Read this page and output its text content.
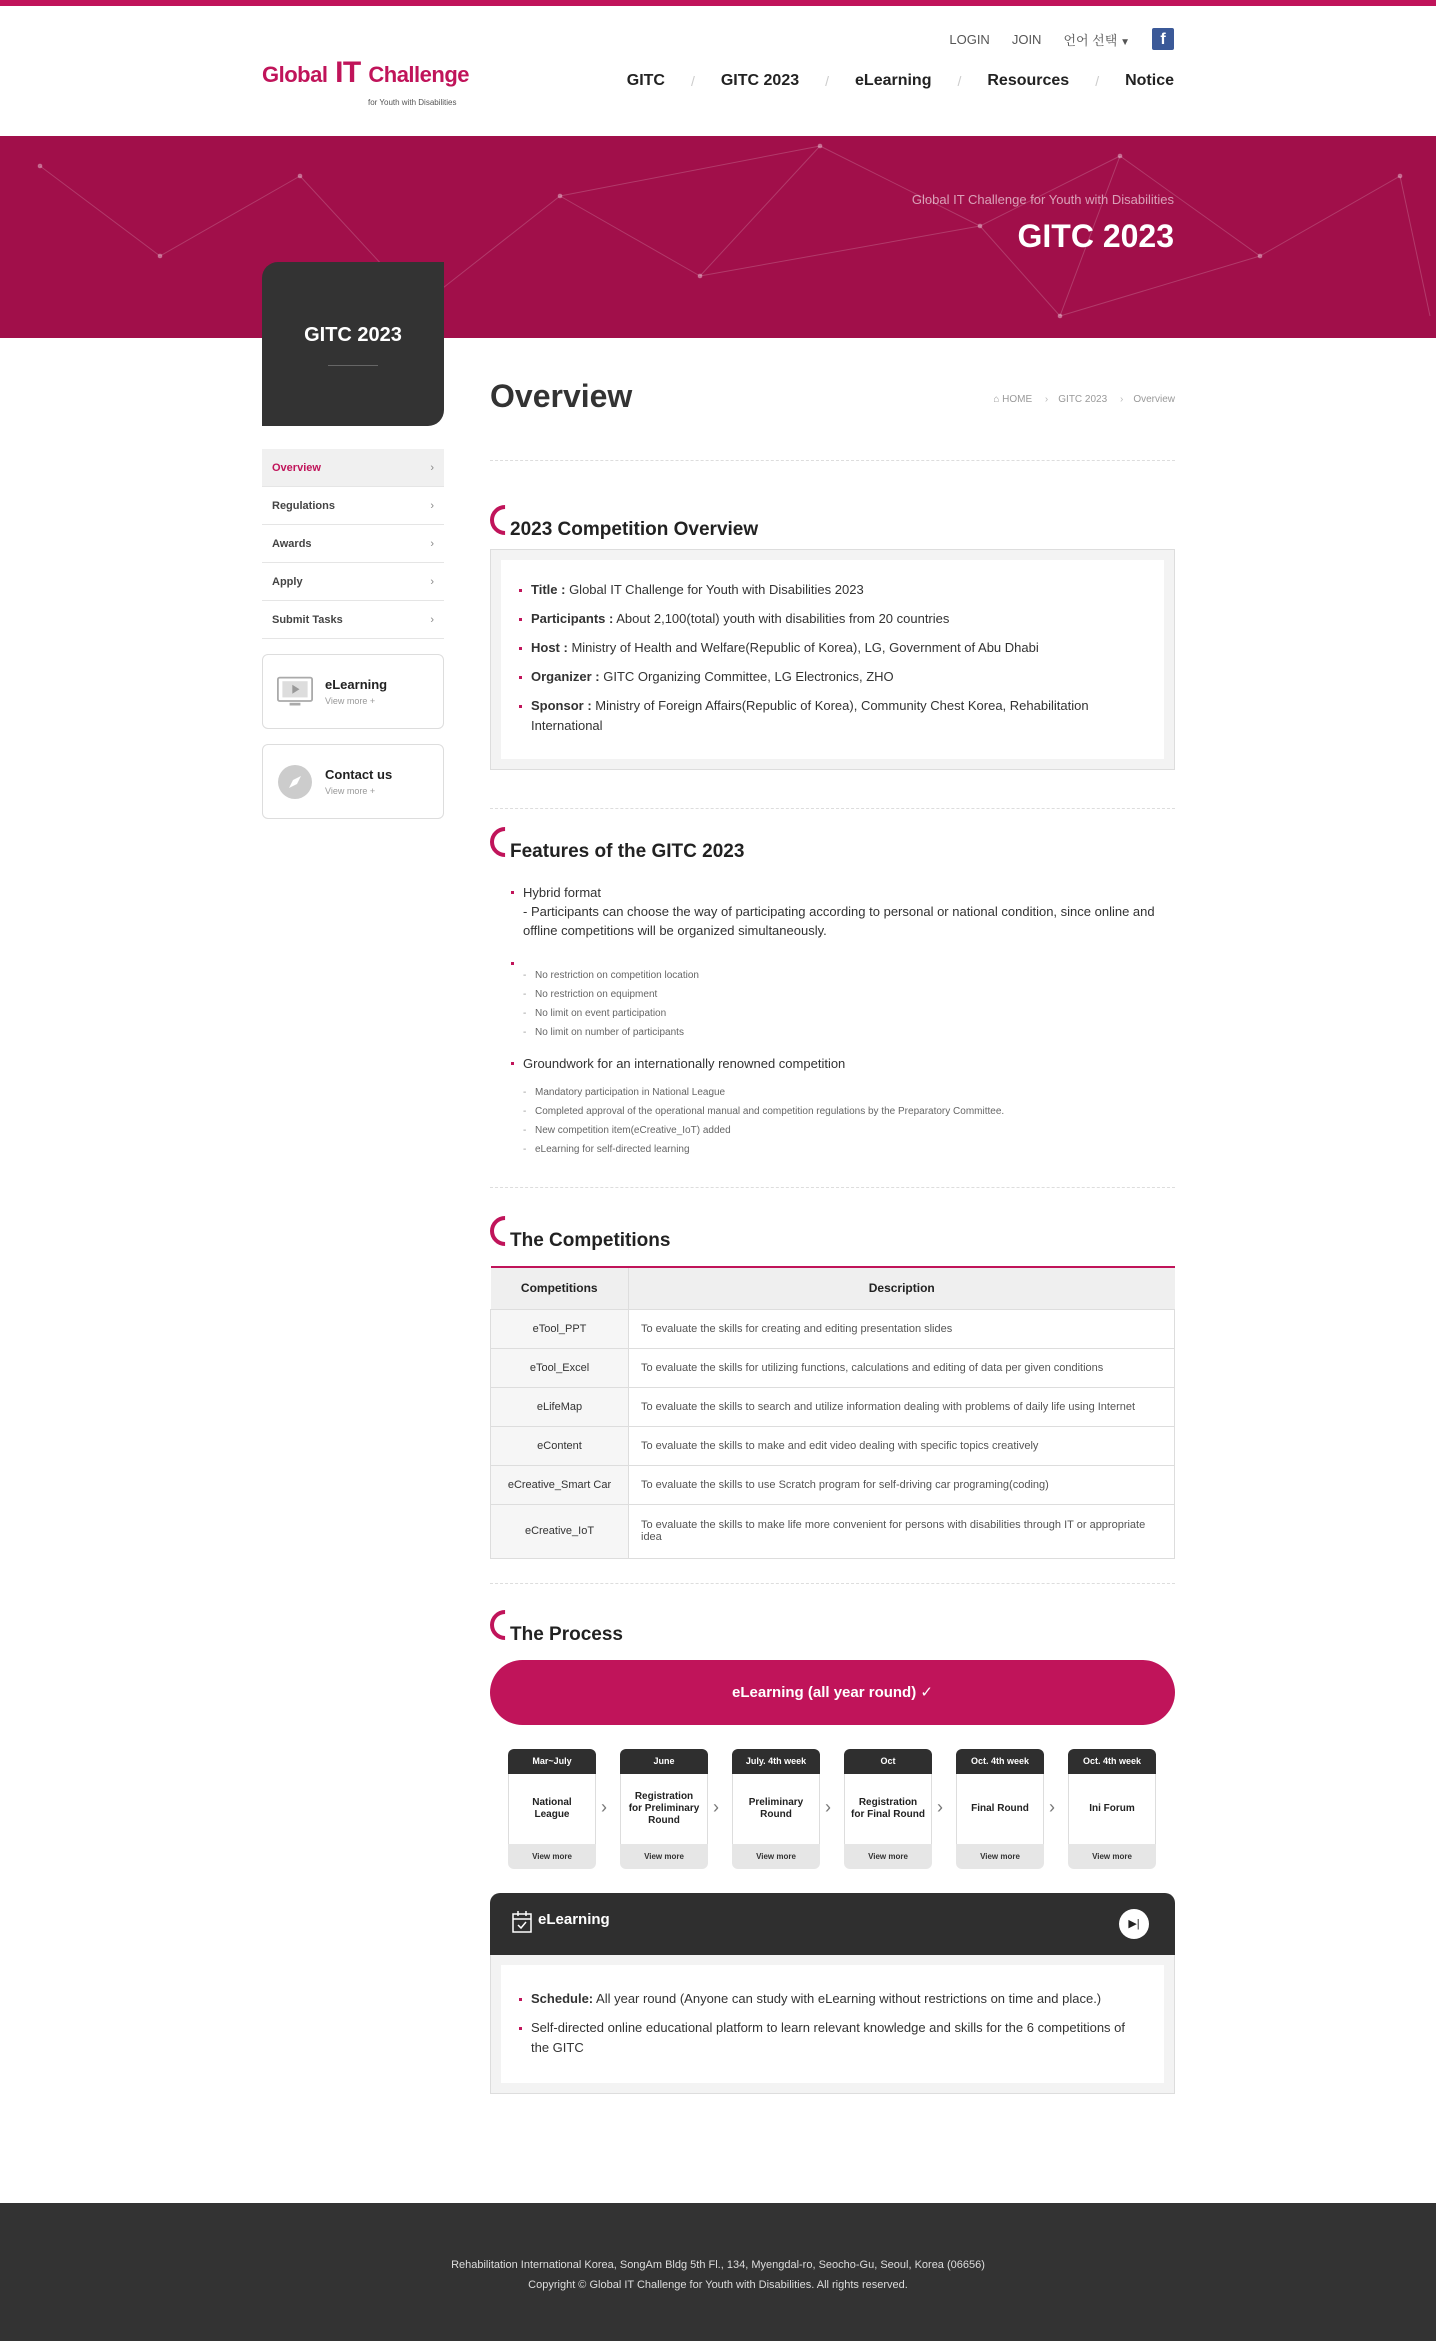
Global IT Challenge
for Youth with Disabilities
LOGIN JOIN 언어 선택 ▼	f
GITC	/	GITC 2023	/	eLearning	/	Resources	/	Notice
Global IT Challenge for Youth with Disabilities
GITC 2023
GITC 2023
Overview	›
Regulations	›
Awards	›
Apply	›
Submit Tasks	›
eLearning
View more +
Contact us
View more +
Overview	⌂ HOME › GITC 2023 › Overview
2023 Competition Overview
Title : Global IT Challenge for Youth with Disabilities 2023
Participants : About 2,100(total) youth with disabilities from 20 countries
Host : Ministry of Health and Welfare(Republic of Korea), LG, Government of Abu Dhabi
Organizer : GITC Organizing Committee, LG Electronics, ZHO
Sponsor : Ministry of Foreign Affairs(Republic of Korea), Community Chest Korea, Rehabilitation International
Features of the GITC 2023
Hybrid format
- Participants can choose the way of participating according to personal or national condition, since online and offline competitions will be organized simultaneously.
- No restriction on competition location
- No restriction on equipment
- No limit on event participation
- No limit on number of participants
Groundwork for an internationally renowned competition
- Mandatory participation in National League
- Completed approval of the operational manual and competition regulations by the Preparatory Committee.
- New competition item(eCreative_IoT) added
- eLearning for self-directed learning
The Competitions
Competitions	Description
eTool_PPT	To evaluate the skills for creating and editing presentation slides
eTool_Excel	To evaluate the skills for utilizing functions, calculations and editing of data per given conditions
eLifeMap	To evaluate the skills to search and utilize information dealing with problems of daily life using Internet
eContent	To evaluate the skills to make and edit video dealing with specific topics creatively
eCreative_Smart Car	To evaluate the skills to use Scratch program for self-driving car programing(coding)
eCreative_IoT	To evaluate the skills to make life more convenient for persons with disabilities through IT or appropriate idea
The Process
eLearning (all year round) ✓
Mar~July
National League
View more
›
June
Registration for Preliminary Round
View more
›
July. 4th week
Preliminary Round
View more
›
Oct
Registration for Final Round
View more
›
Oct. 4th week
Final Round
View more
›
Oct. 4th week
Ini Forum
View more
eLearning	▶|
Schedule: All year round (Anyone can study with eLearning without restrictions on time and place.)
Self-directed online educational platform to learn relevant knowledge and skills for the 6 competitions of the GITC

Rehabilitation International Korea, SongAm Bldg 5th Fl., 134, Myengdal-ro, Seocho-Gu, Seoul, Korea (06656)

Copyright © Global IT Challenge for Youth with Disabilities. All rights reserved.
